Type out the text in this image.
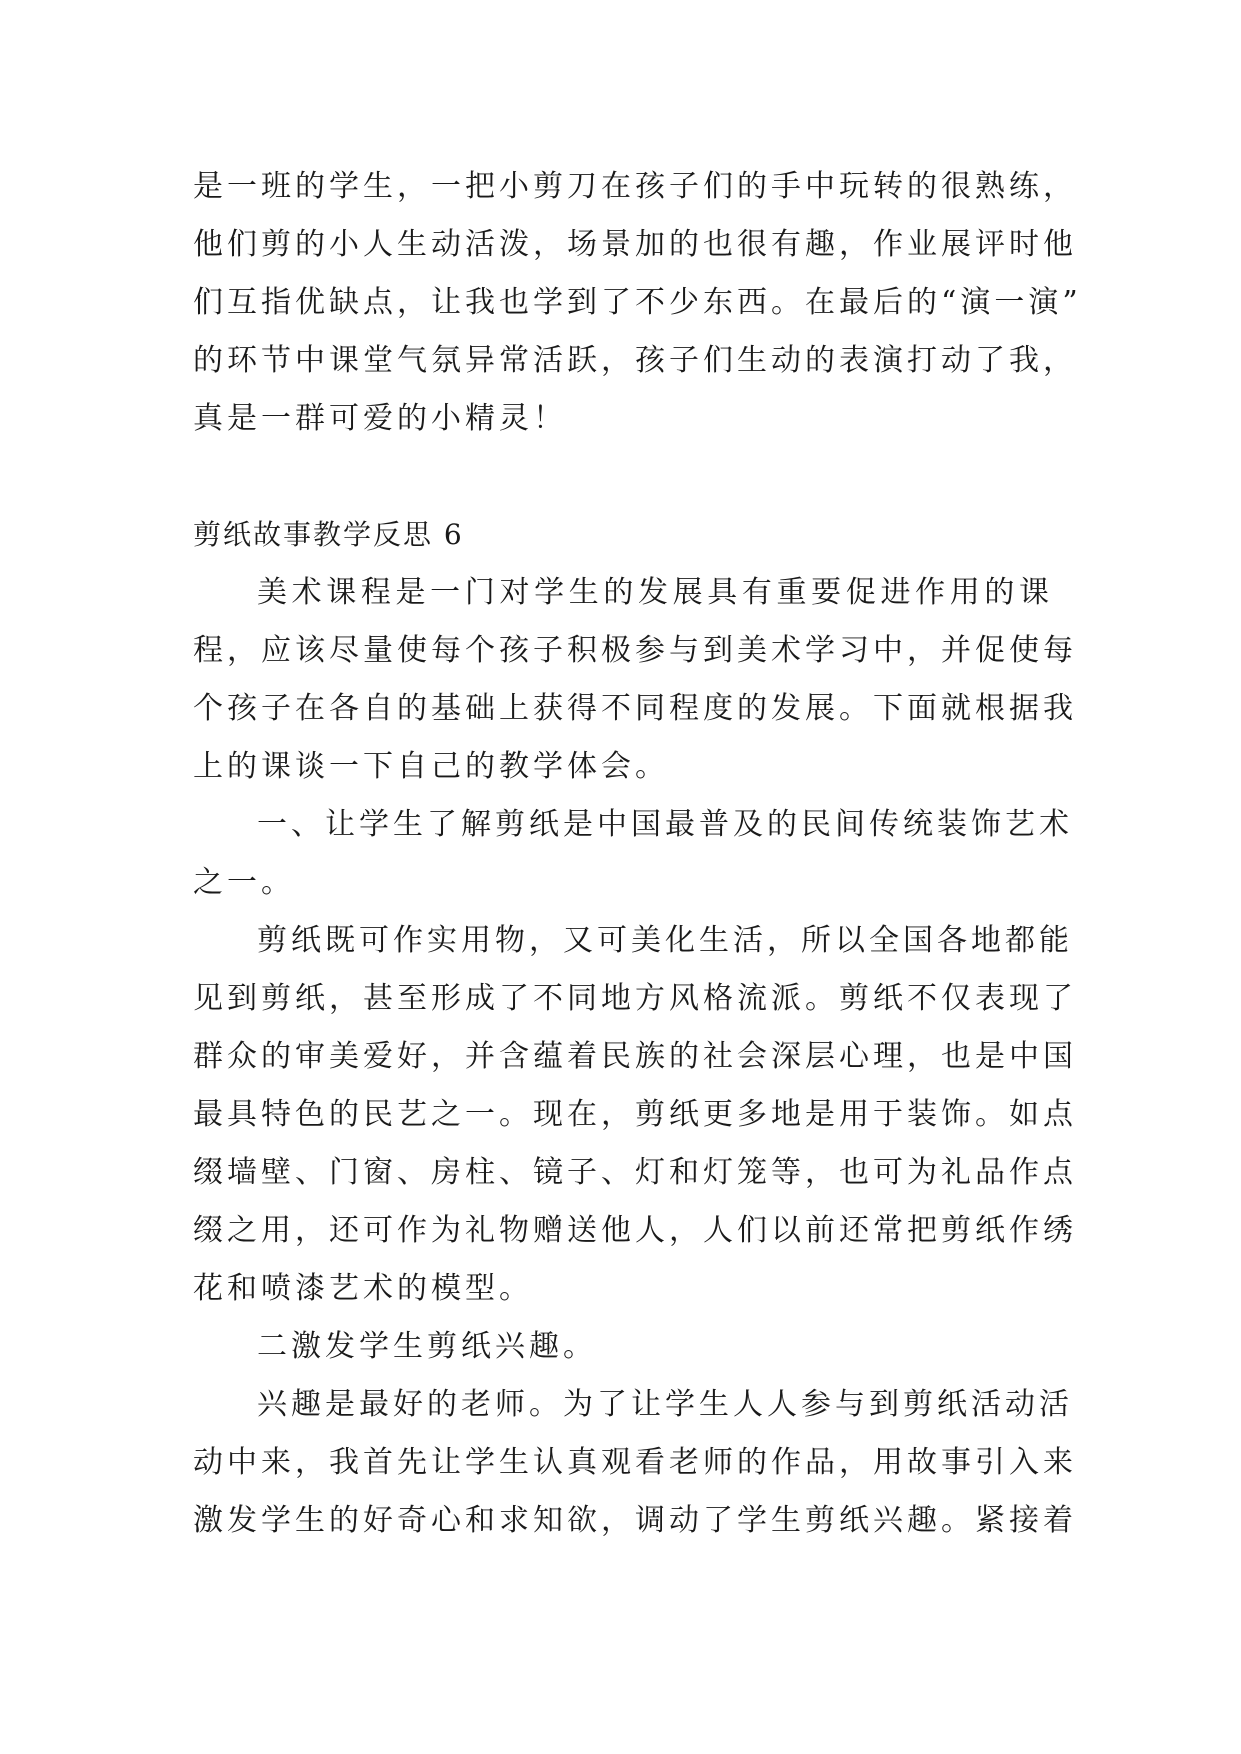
是一班的学生，一把小剪刀在孩子们的手中玩转的很熟练，
他们剪的小人生动活泼，场景加的也很有趣，作业展评时他
们互指优缺点，让我也学到了不少东西。在最后的“演一演”
的环节中课堂气氛异常活跃，孩子们生动的表演打动了我，
真是一群可爱的小精灵！
剪纸故事教学反思 6
美术课程是一门对学生的发展具有重要促进作用的课
程，应该尽量使每个孩子积极参与到美术学习中，并促使每
个孩子在各自的基础上获得不同程度的发展。下面就根据我
上的课谈一下自己的教学体会。
一、让学生了解剪纸是中国最普及的民间传统装饰艺术
之一。
剪纸既可作实用物，又可美化生活，所以全国各地都能
见到剪纸，甚至形成了不同地方风格流派。剪纸不仅表现了
群众的审美爱好，并含蕴着民族的社会深层心理，也是中国
最具特色的民艺之一。现在，剪纸更多地是用于装饰。如点
缀墙壁、门窗、房柱、镜子、灯和灯笼等，也可为礼品作点
缀之用，还可作为礼物赠送他人，人们以前还常把剪纸作绣
花和喷漆艺术的模型。
二激发学生剪纸兴趣。
兴趣是最好的老师。为了让学生人人参与到剪纸活动活
动中来，我首先让学生认真观看老师的作品，用故事引入来
激发学生的好奇心和求知欲，调动了学生剪纸兴趣。紧接着
